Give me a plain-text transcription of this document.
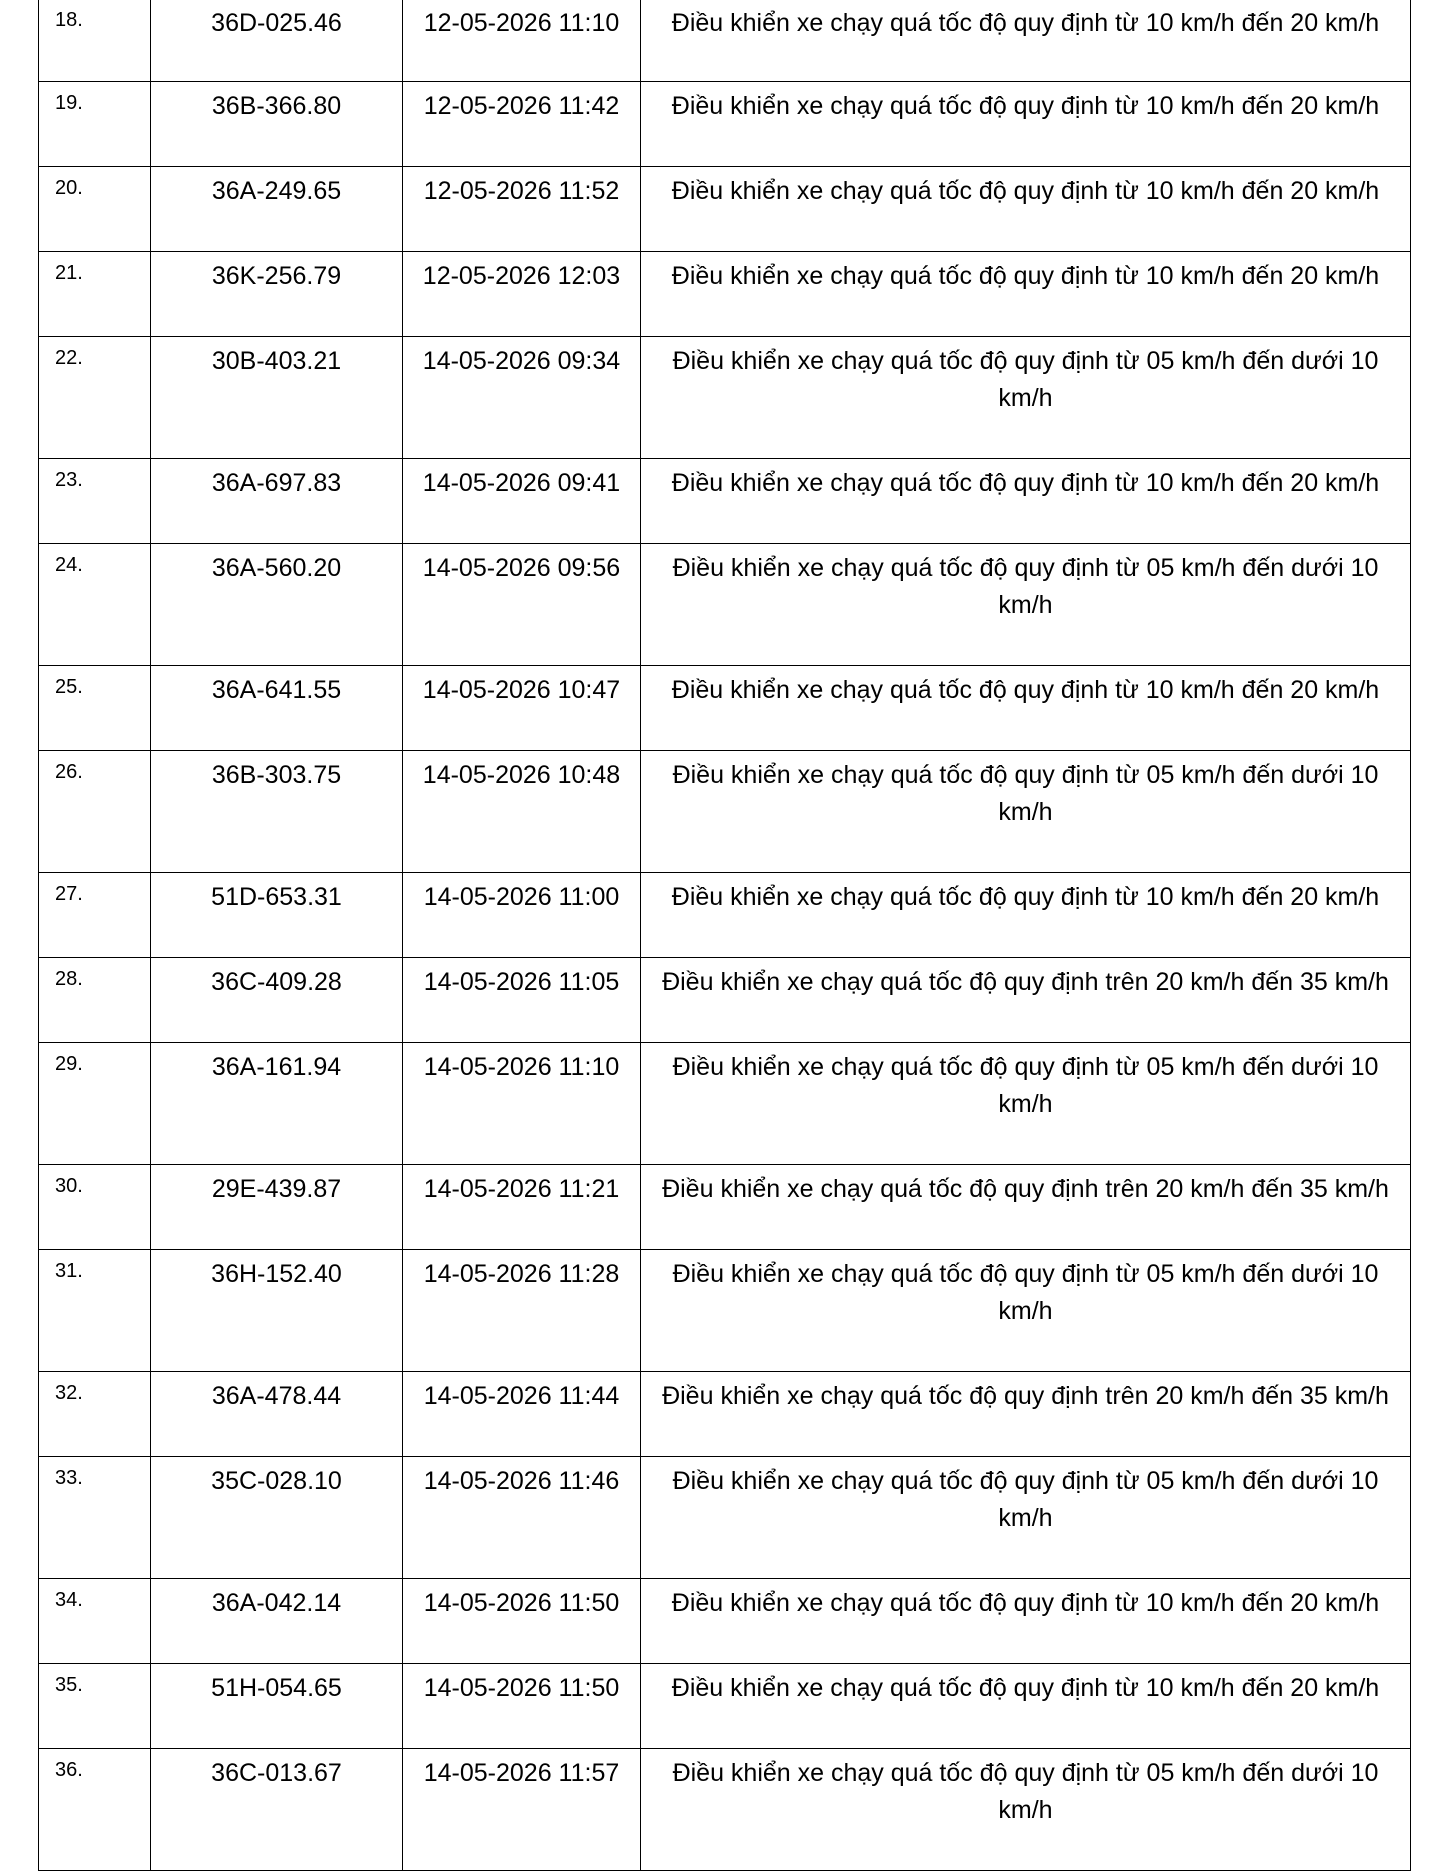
18.	36D-025.46	12-05-2026 11:10	Điều khiển xe chạy quá tốc độ quy định từ 10 km/h đến 20 km/h
19.	36B-366.80	12-05-2026 11:42	Điều khiển xe chạy quá tốc độ quy định từ 10 km/h đến 20 km/h
20.	36A-249.65	12-05-2026 11:52	Điều khiển xe chạy quá tốc độ quy định từ 10 km/h đến 20 km/h
21.	36K-256.79	12-05-2026 12:03	Điều khiển xe chạy quá tốc độ quy định từ 10 km/h đến 20 km/h
22.	30B-403.21	14-05-2026 09:34	Điều khiển xe chạy quá tốc độ quy định từ 05 km/h đến dưới 10 km/h
23.	36A-697.83	14-05-2026 09:41	Điều khiển xe chạy quá tốc độ quy định từ 10 km/h đến 20 km/h
24.	36A-560.20	14-05-2026 09:56	Điều khiển xe chạy quá tốc độ quy định từ 05 km/h đến dưới 10 km/h
25.	36A-641.55	14-05-2026 10:47	Điều khiển xe chạy quá tốc độ quy định từ 10 km/h đến 20 km/h
26.	36B-303.75	14-05-2026 10:48	Điều khiển xe chạy quá tốc độ quy định từ 05 km/h đến dưới 10 km/h
27.	51D-653.31	14-05-2026 11:00	Điều khiển xe chạy quá tốc độ quy định từ 10 km/h đến 20 km/h
28.	36C-409.28	14-05-2026 11:05	Điều khiển xe chạy quá tốc độ quy định trên 20 km/h đến 35 km/h
29.	36A-161.94	14-05-2026 11:10	Điều khiển xe chạy quá tốc độ quy định từ 05 km/h đến dưới 10 km/h
30.	29E-439.87	14-05-2026 11:21	Điều khiển xe chạy quá tốc độ quy định trên 20 km/h đến 35 km/h
31.	36H-152.40	14-05-2026 11:28	Điều khiển xe chạy quá tốc độ quy định từ 05 km/h đến dưới 10 km/h
32.	36A-478.44	14-05-2026 11:44	Điều khiển xe chạy quá tốc độ quy định trên 20 km/h đến 35 km/h
33.	35C-028.10	14-05-2026 11:46	Điều khiển xe chạy quá tốc độ quy định từ 05 km/h đến dưới 10 km/h
34.	36A-042.14	14-05-2026 11:50	Điều khiển xe chạy quá tốc độ quy định từ 10 km/h đến 20 km/h
35.	51H-054.65	14-05-2026 11:50	Điều khiển xe chạy quá tốc độ quy định từ 10 km/h đến 20 km/h
36.	36C-013.67	14-05-2026 11:57	Điều khiển xe chạy quá tốc độ quy định từ 05 km/h đến dưới 10 km/h
